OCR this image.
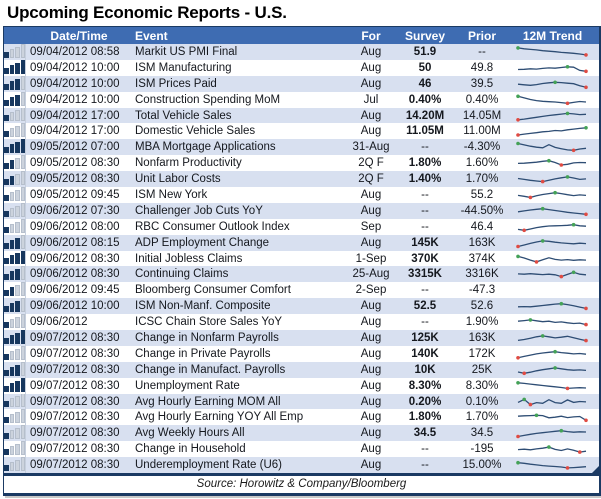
Upcoming Economic Reports - U.S.
Date/Time	Event	For	Survey	Prior	12M Trend
09/04/2012 08:58	Markit US PMI Final	Aug	51.9	--
09/04/2012 10:00	ISM Manufacturing	Aug	50	49.8
09/04/2012 10:00	ISM Prices Paid	Aug	46	39.5
09/04/2012 10:00	Construction Spending MoM	Jul	0.40%	0.40%
09/04/2012 17:00	Total Vehicle Sales	Aug	14.20M	14.05M
09/04/2012 17:00	Domestic Vehicle Sales	Aug	11.05M	11.00M
09/05/2012 07:00	MBA Mortgage Applications	31-Aug	--	-4.30%
09/05/2012 08:30	Nonfarm Productivity	2Q F	1.80%	1.60%
09/05/2012 08:30	Unit Labor Costs	2Q F	1.40%	1.70%
09/05/2012 09:45	ISM New York	Aug	--	55.2
09/06/2012 07:30	Challenger Job Cuts YoY	Aug	--	-44.50%
09/06/2012 08:00	RBC Consumer Outlook Index	Sep	--	46.4
09/06/2012 08:15	ADP Employment Change	Aug	145K	163K
09/06/2012 08:30	Initial Jobless Claims	1-Sep	370K	374K
09/06/2012 08:30	Continuing Claims	25-Aug	3315K	3316K
09/06/2012 09:45	Bloomberg Consumer Comfort	2-Sep	--	-47.3
09/06/2012 10:00	ISM Non-Manf. Composite	Aug	52.5	52.6
09/06/2012	ICSC Chain Store Sales YoY	Aug	--	1.90%
09/07/2012 08:30	Change in Nonfarm Payrolls	Aug	125K	163K
09/07/2012 08:30	Change in Private Payrolls	Aug	140K	172K
09/07/2012 08:30	Change in Manufact. Payrolls	Aug	10K	25K
09/07/2012 08:30	Unemployment Rate	Aug	8.30%	8.30%
09/07/2012 08:30	Avg Hourly Earning MOM All	Aug	0.20%	0.10%
09/07/2012 08:30	Avg Hourly Earning YOY All Emp	Aug	1.80%	1.70%
09/07/2012 08:30	Avg Weekly Hours All	Aug	34.5	34.5
09/07/2012 08:30	Change in Household	Aug	--	-195
09/07/2012 08:30	Underemployment Rate (U6)	Aug	--	15.00%
Source: Horowitz & Company/Bloomberg
